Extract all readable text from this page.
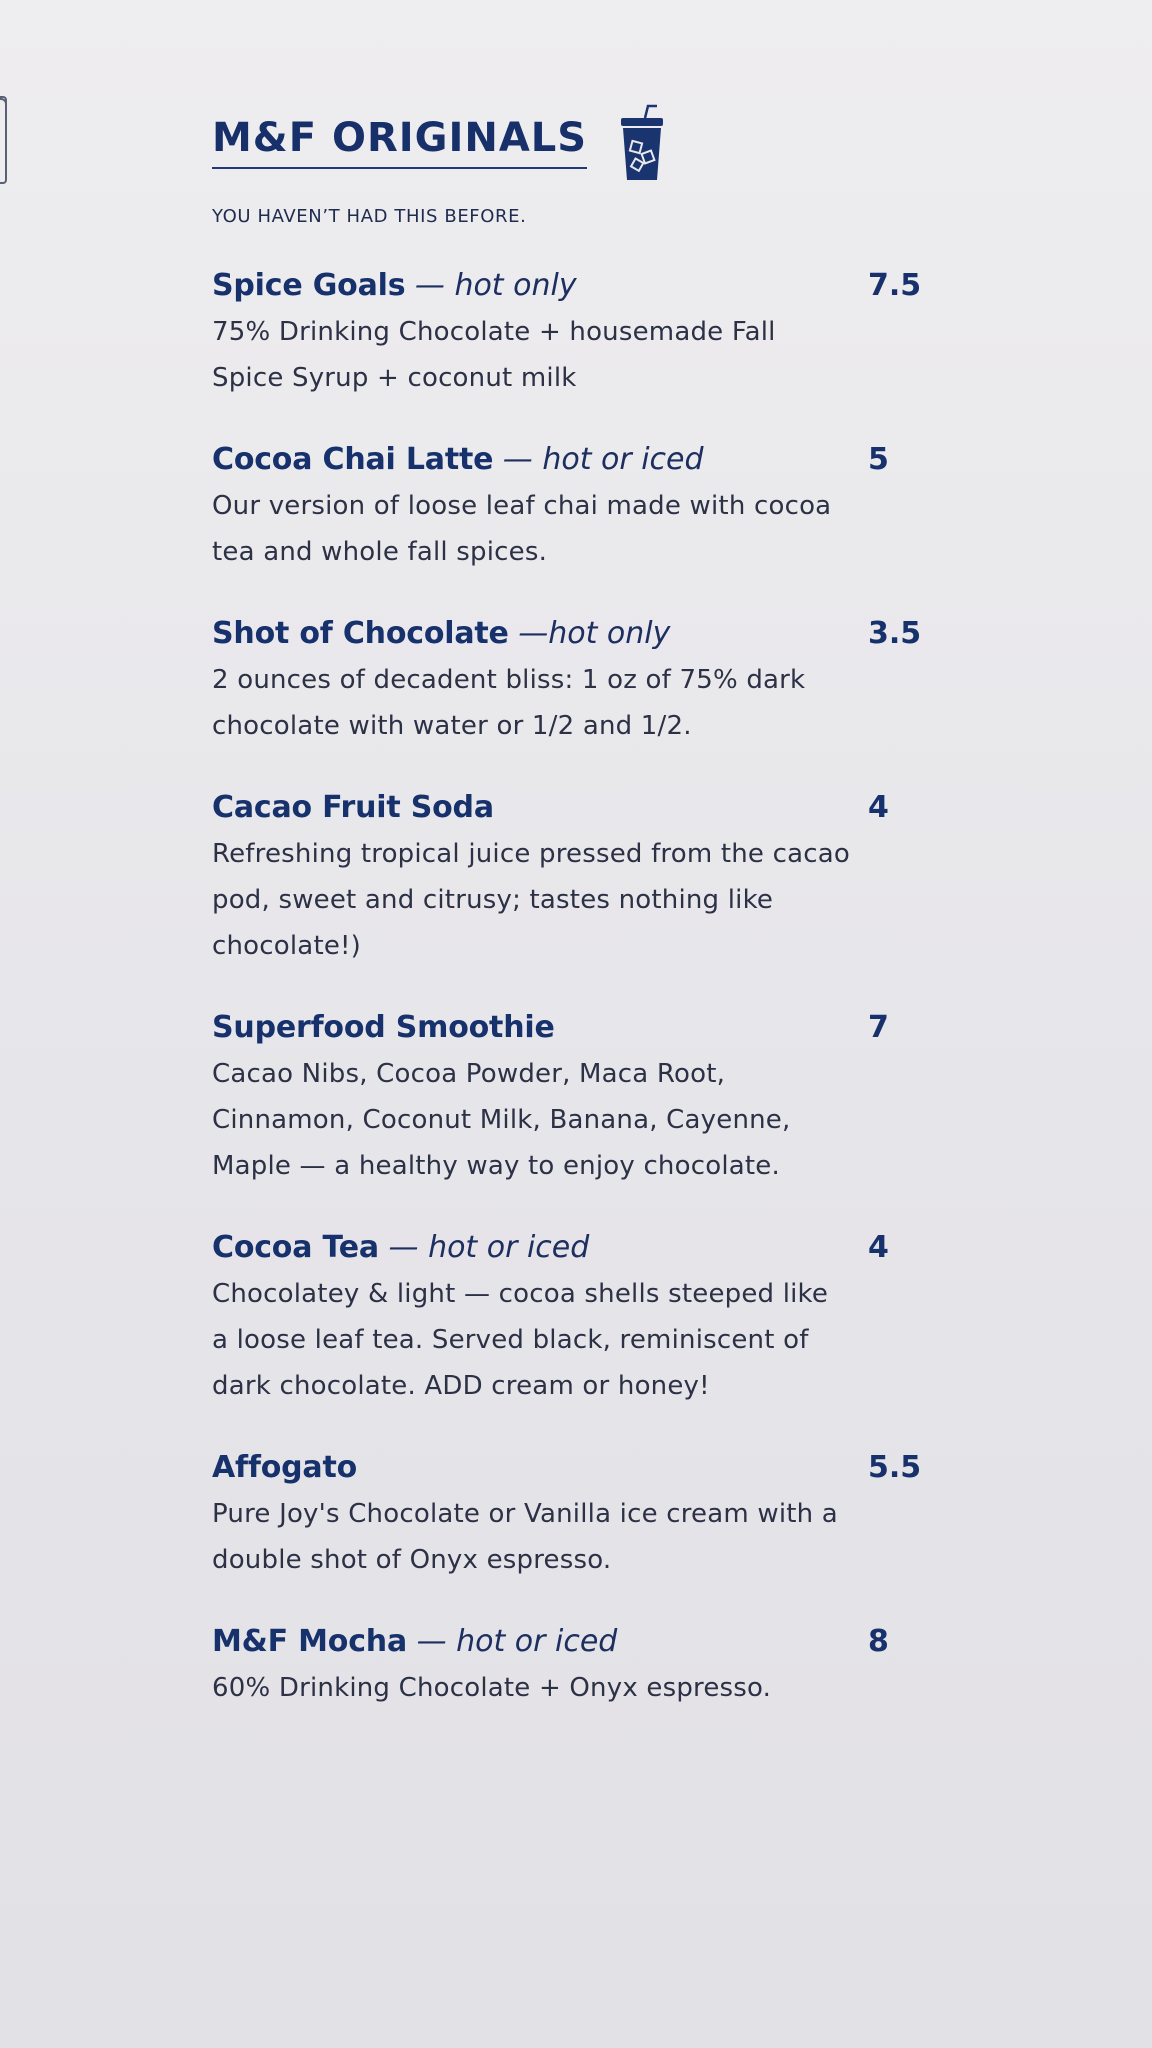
M&F ORIGINALS
YOU HAVEN’T HAD THIS BEFORE.
Spice Goals — hot only	7.5
75% Drinking Chocolate + housemade Fall Spice Syrup + coconut milk
Cocoa Chai Latte — hot or iced	5
Our version of loose leaf chai made with cocoa tea and whole fall spices.
Shot of Chocolate —hot only	3.5
2 ounces of decadent bliss: 1 oz of 75% dark chocolate with water or 1/2 and 1/2.
Cacao Fruit Soda	4
Refreshing tropical juice pressed from the cacao pod, sweet and citrusy; tastes nothing like chocolate!)
Superfood Smoothie	7
Cacao Nibs, Cocoa Powder, Maca Root, Cinnamon, Coconut Milk, Banana, Cayenne, Maple — a healthy way to enjoy chocolate.
Cocoa Tea — hot or iced	4
Chocolatey & light — cocoa shells steeped like a loose leaf tea. Served black, reminiscent of dark chocolate. ADD cream or honey!
Affogato	5.5
Pure Joy's Chocolate or Vanilla ice cream with a double shot of Onyx espresso.
M&F Mocha — hot or iced	8
60% Drinking Chocolate + Onyx espresso.
